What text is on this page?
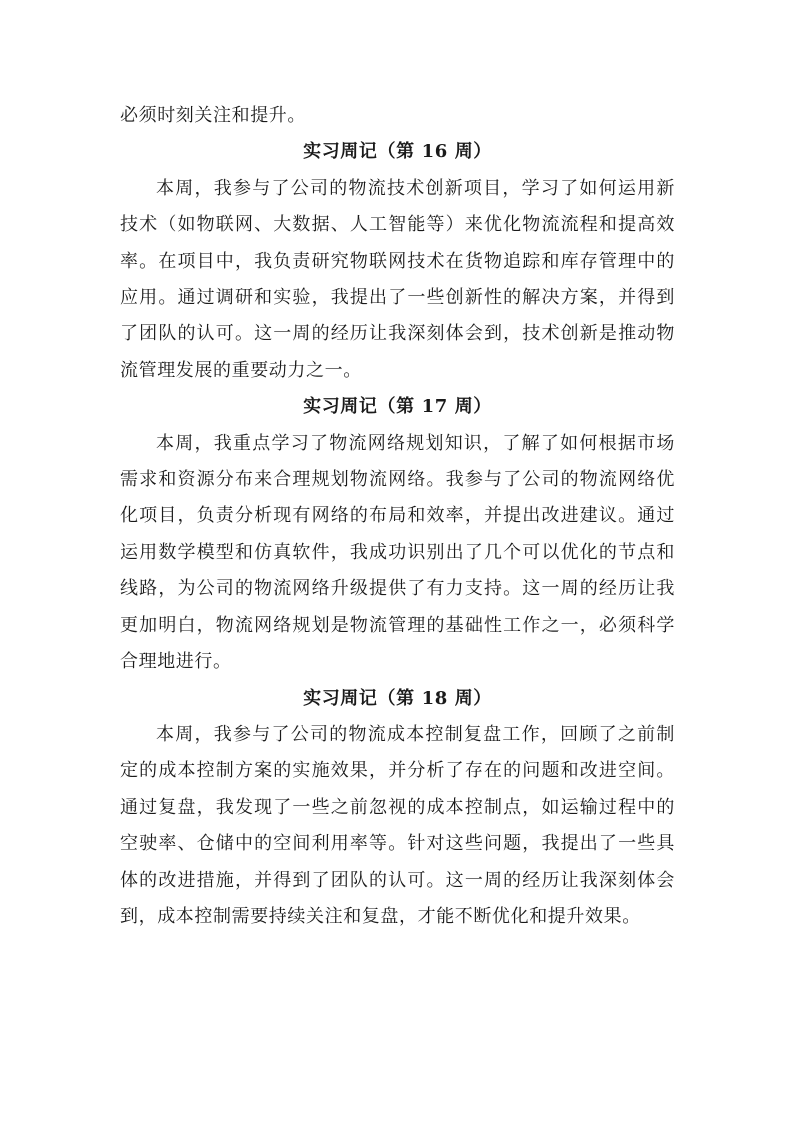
必须时刻关注和提升。

实习周记（第 16 周）

本周，我参与了公司的物流技术创新项目，学习了如何运用新技术（如物联网、大数据、人工智能等）来优化物流流程和提高效率。在项目中，我负责研究物联网技术在货物追踪和库存管理中的应用。通过调研和实验，我提出了一些创新性的解决方案，并得到了团队的认可。这一周的经历让我深刻体会到，技术创新是推动物流管理发展的重要动力之一。

实习周记（第 17 周）

本周，我重点学习了物流网络规划知识，了解了如何根据市场需求和资源分布来合理规划物流网络。我参与了公司的物流网络优化项目，负责分析现有网络的布局和效率，并提出改进建议。通过运用数学模型和仿真软件，我成功识别出了几个可以优化的节点和线路，为公司的物流网络升级提供了有力支持。这一周的经历让我更加明白，物流网络规划是物流管理的基础性工作之一，必须科学合理地进行。

实习周记（第 18 周）

本周，我参与了公司的物流成本控制复盘工作，回顾了之前制定的成本控制方案的实施效果，并分析了存在的问题和改进空间。通过复盘，我发现了一些之前忽视的成本控制点，如运输过程中的空驶率、仓储中的空间利用率等。针对这些问题，我提出了一些具体的改进措施，并得到了团队的认可。这一周的经历让我深刻体会到，成本控制需要持续关注和复盘，才能不断优化和提升效果。
